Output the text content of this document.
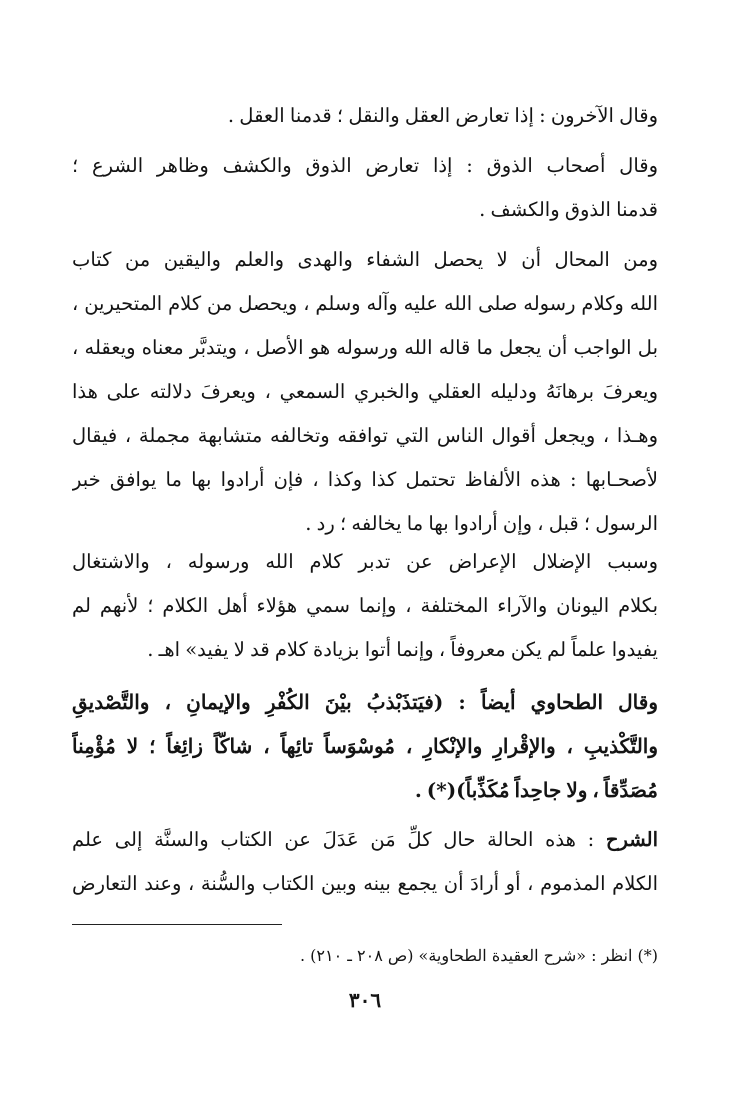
وقال الآخرون : إذا تعارض العقل والنقل ؛ قدمنا العقل .
وقال أصحاب الذوق : إذا تعارض الذوق والكشف وظاهر الشرع ؛
قدمنا الذوق والكشف .
ومن المحال أن لا يحصل الشفاء والهدى والعلم واليقين من كتاب
الله وكلام رسوله صلى الله عليه وآله وسلم ، ويحصل من كلام المتحيرين ،
بل الواجب أن يجعل ما قاله الله ورسوله هو الأصل ، ويتدبَّر معناه ويعقله ،
ويعرفَ برهانَهُ ودليله العقلي والخبري السمعي ، ويعرفَ دلالته على هذا
وهـذا ، ويجعل أقوال الناس التي توافقه وتخالفه متشابهة مجملة ، فيقال
لأصحـابها : هذه الألفاظ تحتمل كذا وكذا ، فإن أرادوا بها ما يوافق خبر
الرسول ؛ قبل ، وإن أرادوا بها ما يخالفه ؛ رد .
وسبب الإضلال الإعراض عن تدبر كلام الله ورسوله ، والاشتغال
بكلام اليونان والآراء المختلفة ، وإنما سمي هؤلاء أهل الكلام ؛ لأنهم لم
يفيدوا علماً لم يكن معروفاً ، وإنما أتوا بزيادة كلام قد لا يفيد» اهـ .
وقال الطحاوي أيضاً : (فيَتذَبْذبُ بيْنَ الكُفْرِ والإيمانِ ، والتَّصْديقِ
والتَّكْذيبِ ، والإقْرارِ والإنْكارِ ، مُوسْوَساً تائِهاً ، شاكّاً زائِغاً ؛ لا مُؤْمِناً
مُصَدِّقاً ، ولا جاحِداً مُكَذِّباً)(*) .
الشرح : هذه الحالة حال كلِّ مَن عَدَلَ عن الكتاب والسنَّة إلى علم
الكلام المذموم ، أو أرادَ أن يجمع بينه وبين الكتاب والسُّنة ، وعند التعارض
(*) انظر : «شرح العقيدة الطحاوية» (ص ٢٠٨ ـ ٢١٠) .
٣٠٦
